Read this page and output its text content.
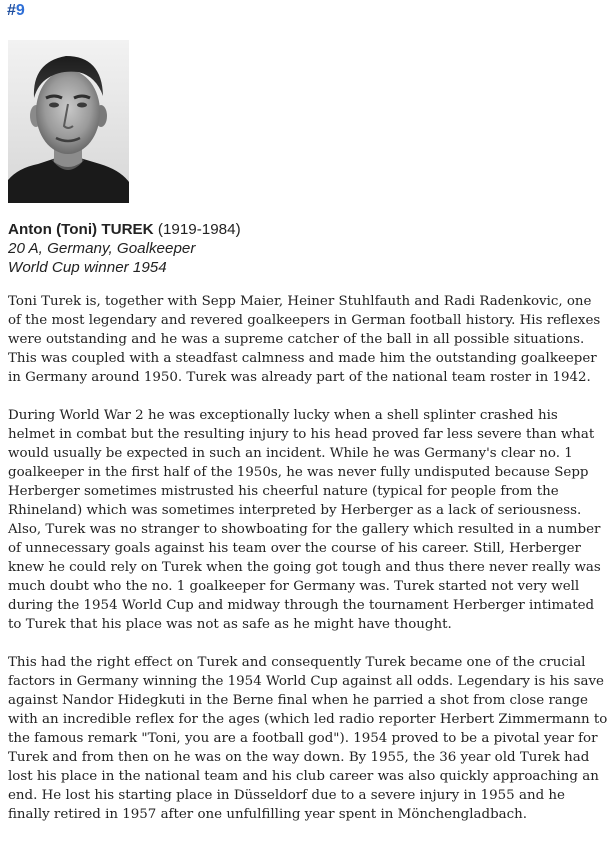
#9
Anton (Toni) TUREK (1919-1984)
20 A, Germany, Goalkeeper
World Cup winner 1954

Toni Turek is, together with Sepp Maier, Heiner Stuhlfauth and Radi Radenkovic, one of the most legendary and revered goalkeepers in German football history. His reflexes were outstanding and he was a supreme catcher of the ball in all possible situations. This was coupled with a steadfast calmness and made him the outstanding goalkeeper in Germany around 1950. Turek was already part of the national team roster in 1942.

During World War 2 he was exceptionally lucky when a shell splinter crashed his helmet in combat but the resulting injury to his head proved far less severe than what would usually be expected in such an incident. While he was Germany's clear no. 1 goalkeeper in the first half of the 1950s, he was never fully undisputed because Sepp Herberger sometimes mistrusted his cheerful nature (typical for people from the Rhineland) which was sometimes interpreted by Herberger as a lack of seriousness. Also, Turek was no stranger to showboating for the gallery which resulted in a number of unnecessary goals against his team over the course of his career. Still, Herberger knew he could rely on Turek when the going got tough and thus there never really was much doubt who the no. 1 goalkeeper for Germany was. Turek started not very well during the 1954 World Cup and midway through the tournament Herberger intimated to Turek that his place was not as safe as he might have thought.

This had the right effect on Turek and consequently Turek became one of the crucial factors in Germany winning the 1954 World Cup against all odds. Legendary is his save against Nandor Hidegkuti in the Berne final when he parried a shot from close range with an incredible reflex for the ages (which led radio reporter Herbert Zimmermann to the famous remark "Toni, you are a football god"). 1954 proved to be a pivotal year for Turek and from then on he was on the way down. By 1955, the 36 year old Turek had lost his place in the national team and his club career was also quickly approaching an end. He lost his starting place in Düsseldorf due to a severe injury in 1955 and he finally retired in 1957 after one unfulfilling year spent in Mönchengladbach.
